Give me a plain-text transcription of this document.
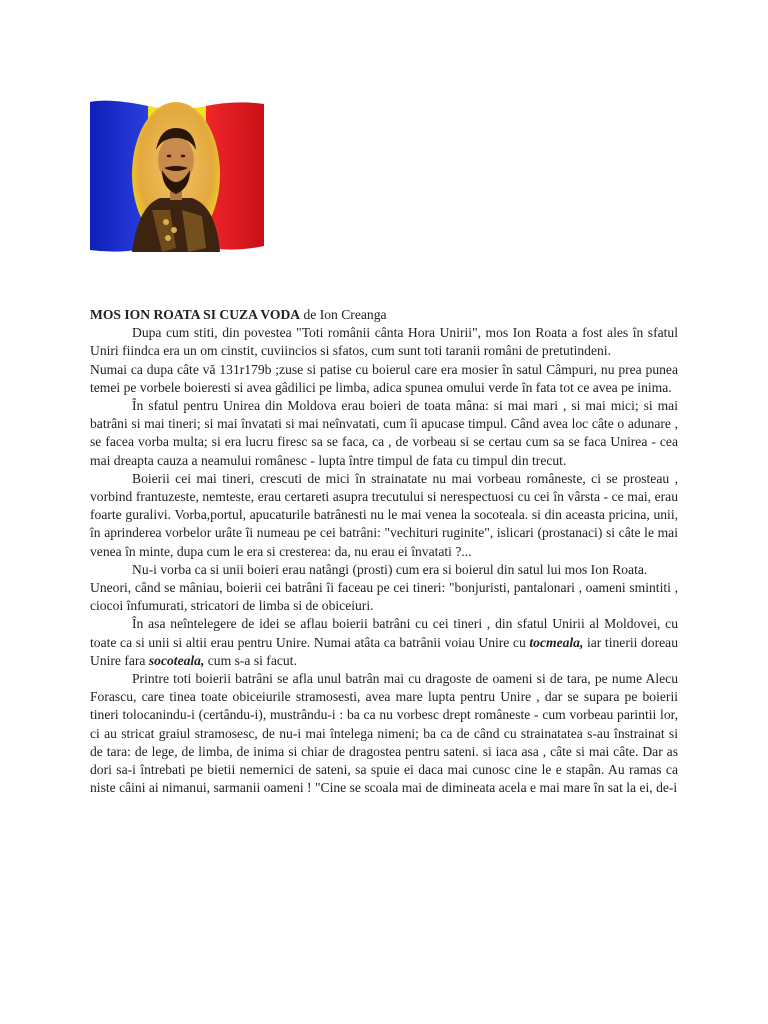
MOS ION ROATA SI CUZA VODA de Ion Creanga

Dupa cum stiti, din povestea "Toti românii cânta Hora Unirii", mos Ion Roata a fost ales în sfatul Uniri fiindca era un om cinstit, cuviincios si sfatos, cum sunt toti taranii români de pretutindeni.

Numai ca dupa câte vă 131r179b ;zuse si patise cu boierul care era mosier în satul Câmpuri, nu prea punea temei pe vorbele boieresti si avea gâdilici pe limba, adica spunea omului verde în fata tot ce avea pe inima.

În sfatul pentru Unirea din Moldova erau boieri de toata mâna: si mai mari , si mai mici; si mai batrâni si mai tineri; si mai învatati si mai neînvatati, cum îi apucase timpul. Când avea loc câte o adunare , se facea vorba multa; si era lucru firesc sa se faca, ca , de vorbeau si se certau cum sa se faca Unirea - cea mai dreapta cauza a neamului românesc - lupta între timpul de fata cu timpul din trecut.

Boierii cei mai tineri, crescuti de mici în strainatate nu mai vorbeau româneste, ci se prosteau , vorbind frantuzeste, nemteste, erau certareti asupra trecutului si nerespectuosi cu cei în vârsta - ce mai, erau foarte guralivi. Vorba,portul, apucaturile batrânesti nu le mai venea la socoteala. si din aceasta pricina, unii, în aprinderea vorbelor urâte îi numeau pe cei batrâni: "vechituri ruginite", islicari (prostanaci) si câte le mai venea în minte, dupa cum le era si cresterea: da, nu erau ei învatati ?...

Nu-i vorba ca si unii boieri erau natângi (prosti) cum era si boierul din satul lui mos Ion Roata.

Uneori, când se mâniau, boierii cei batrâni îi faceau pe cei tineri: "bonjuristi, pantalonari , oameni smintiti , ciocoi înfumurati, stricatori de limba si de obiceiuri.

În asa neîntelegere de idei se aflau boierii batrâni cu cei tineri , din sfatul Unirii al Moldovei, cu toate ca si unii si altii erau pentru Unire. Numai atâta ca batrânii voiau Unire cu tocmeala, iar tinerii doreau Unire fara socoteala, cum s-a si facut.

Printre toti boierii batrâni se afla unul batrân mai cu dragoste de oameni si de tara, pe nume Alecu Forascu, care tinea toate obiceiurile stramosesti, avea mare lupta pentru Unire , dar se supara pe boierii tineri tolocanindu-i (certându-i), mustrându-i : ba ca nu vorbesc drept româneste - cum vorbeau parintii lor, ci au stricat graiul stramosesc, de nu-i mai întelega nimeni; ba ca de când cu strainatatea s-au înstrainat si de tara: de lege, de limba, de inima si chiar de dragostea pentru sateni. si iaca asa , câte si mai câte. Dar as dori sa-i întrebati pe bietii nemernici de sateni, sa spuie ei daca mai cunosc cine le e stapân. Au ramas ca niste câini ai nimanui, sarmanii oameni ! "Cine se scoala mai de dimineata acela e mai mare în sat la ei, de-i
